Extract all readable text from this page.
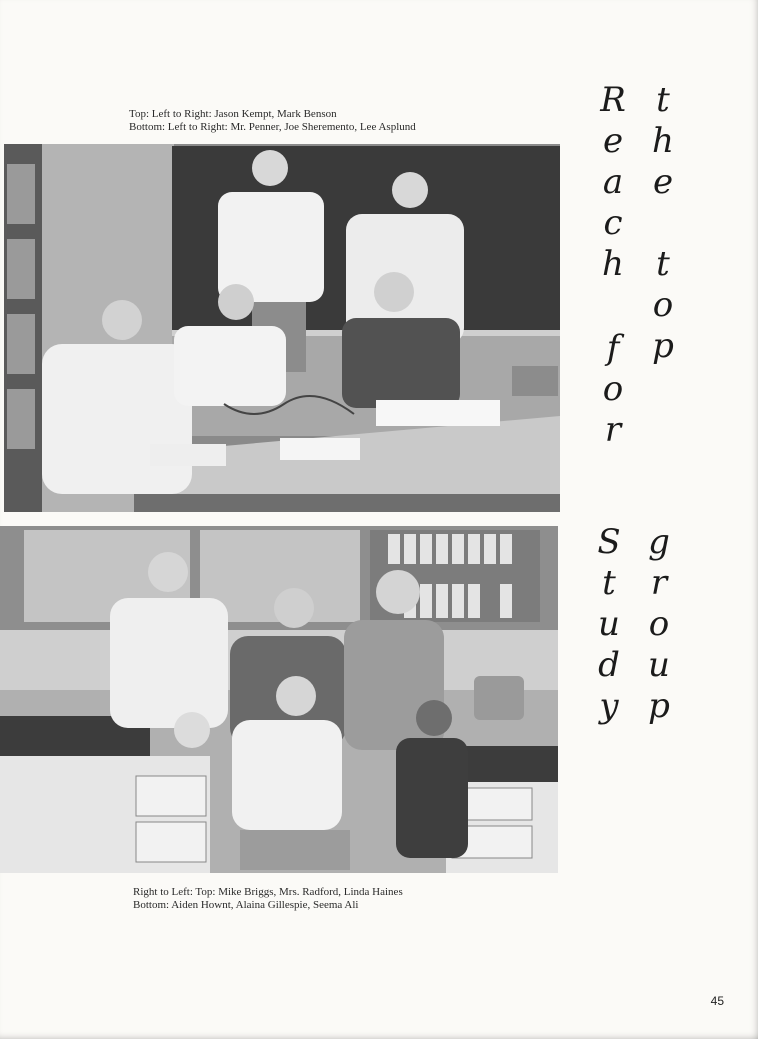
Top: Left to Right: Jason Kempt, Mark Benson
Bottom: Left to Right: Mr. Penner, Joe Sheremento, Lee Asplund
R
e
a
c
h
f
o
r
t
h
e
t
o
p
S
t
u
d
y
g
r
o
u
p
Right to Left: Top: Mike Briggs, Mrs. Radford, Linda Haines
Bottom: Aiden Hownt, Alaina Gillespie, Seema Ali
45
